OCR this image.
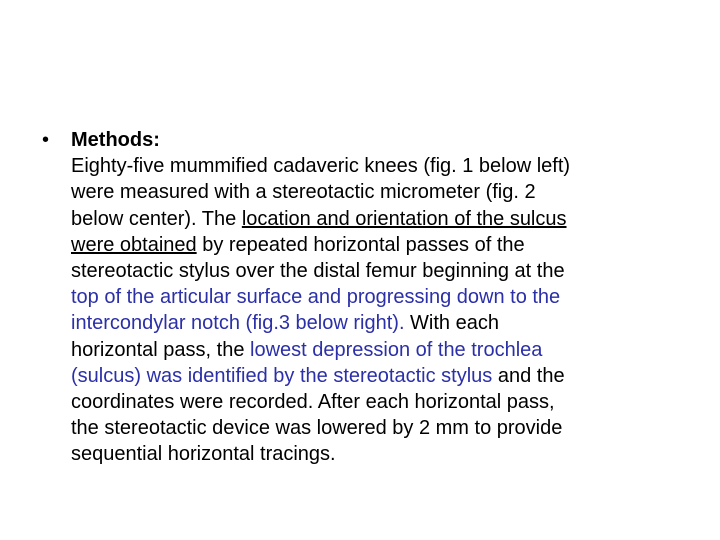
•	Methods:
Eighty-five mummified cadaveric knees (fig. 1 below left)
were measured with a stereotactic micrometer (fig. 2
below center). The location and orientation of the sulcus
were obtained by repeated horizontal passes of the
stereotactic stylus over the distal femur beginning at the
top of the articular surface and progressing down to the
intercondylar notch (fig.3 below right). With each
horizontal pass, the lowest depression of the trochlea
(sulcus) was identified by the stereotactic stylus and the
coordinates were recorded. After each horizontal pass,
the stereotactic device was lowered by 2 mm to provide
sequential horizontal tracings.
